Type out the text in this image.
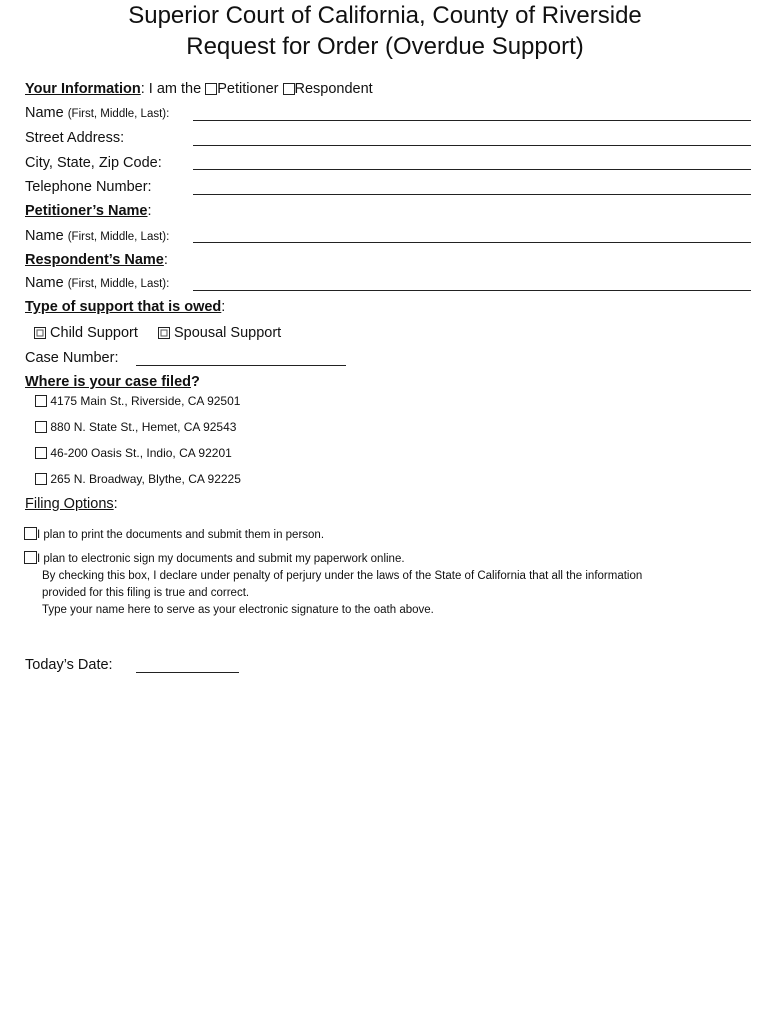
Superior Court of California, County of Riverside
Request for Order (Overdue Support)
Your Information: I am the Petitioner Respondent
Name (First, Middle, Last):
Street Address:
City, State, Zip Code:
Telephone Number:
Petitioner’s Name:
Name (First, Middle, Last):
Respondent’s Name:
Name (First, Middle, Last):
Type of support that is owed:
Child Support Spousal Support
Case Number:
Where is your case filed?
4175 Main St., Riverside, CA 92501
880 N. State St., Hemet, CA 92543
46-200 Oasis St., Indio, CA 92201
265 N. Broadway, Blythe, CA 92225
Filing Options:
I plan to print the documents and submit them in person.
I plan to electronic sign my documents and submit my paperwork online.
By checking this box, I declare under penalty of perjury under the laws of the State of California that all the information
provided for this filing is true and correct.
Type your name here to serve as your electronic signature to the oath above.
Today’s Date:
